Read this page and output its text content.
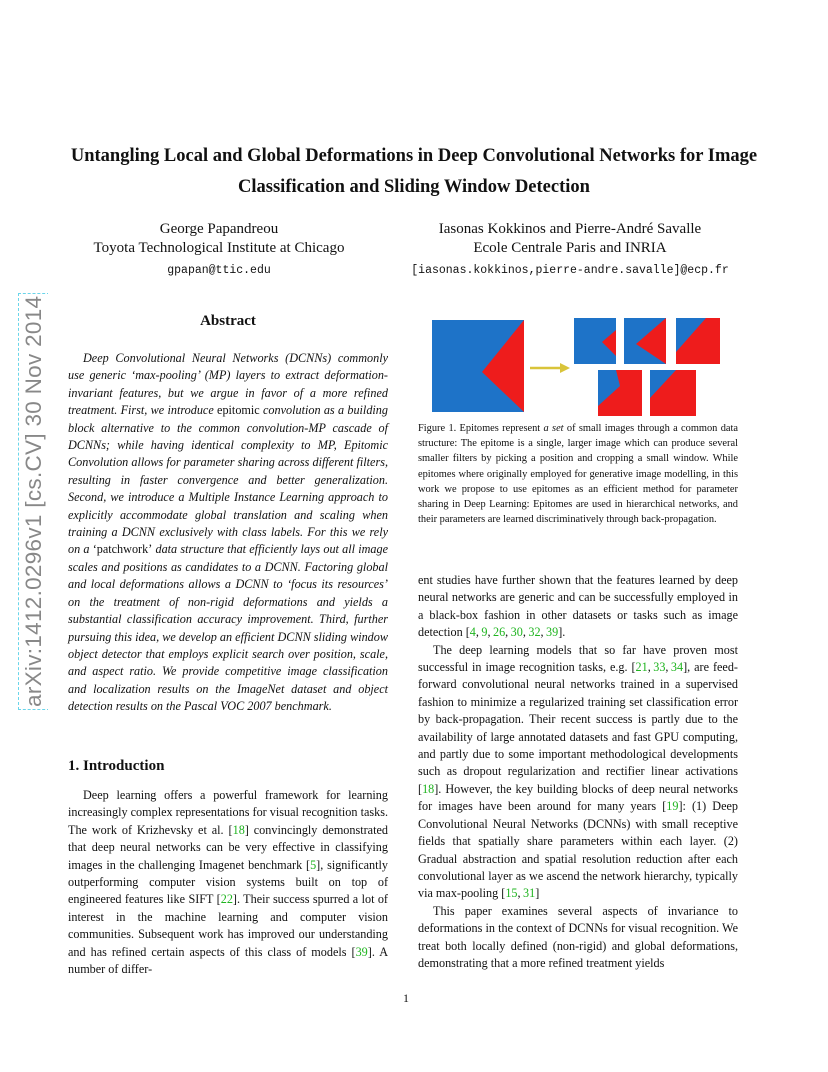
arXiv:1412.0296v1 [cs.CV] 30 Nov 2014
Untangling Local and Global Deformations in Deep Convolutional Networks for Image Classification and Sliding Window Detection
George Papandreou
Toyota Technological Institute at Chicago
gpapan@ttic.edu
Iasonas Kokkinos and Pierre-André Savalle
Ecole Centrale Paris and INRIA
[iasonas.kokkinos,pierre-andre.savalle]@ecp.fr
Abstract

Deep Convolutional Neural Networks (DCNNs) commonly use generic ‘max-pooling’ (MP) layers to extract deformation-invariant features, but we argue in favor of a more refined treatment. First, we introduce epitomic convolution as a building block alternative to the common convolution-MP cascade of DCNNs; while having identical complexity to MP, Epitomic Convolution allows for parameter sharing across different filters, resulting in faster convergence and better generalization. Second, we introduce a Multiple Instance Learning approach to explicitly accommodate global translation and scaling when training a DCNN exclusively with class labels. For this we rely on a ‘patchwork’ data structure that efficiently lays out all image scales and positions as candidates to a DCNN. Factoring global and local deformations allows a DCNN to ‘focus its resources’ on the treatment of non-rigid deformations and yields a substantial classification accuracy improvement. Third, further pursuing this idea, we develop an efficient DCNN sliding window object detector that employs explicit search over position, scale, and aspect ratio. We provide competitive image classification and localization results on the ImageNet dataset and object detection results on the Pascal VOC 2007 benchmark.

1. Introduction

Deep learning offers a powerful framework for learning increasingly complex representations for visual recognition tasks. The work of Krizhevsky et al. [18] convincingly demonstrated that deep neural networks can be very effective in classifying images in the challenging Imagenet benchmark [5], significantly outperforming computer vision systems built on top of engineered features like SIFT [22]. Their success spurred a lot of interest in the machine learning and computer vision communities. Subsequent work has improved our understanding and has refined certain aspects of this class of models [39]. A number of differ-

Figure 1. Epitomes represent a set of small images through a common data structure: The epitome is a single, larger image which can produce several smaller filters by picking a position and cropping a small window. While epitomes where originally employed for generative image modelling, in this work we propose to use epitomes as an efficient method for parameter sharing in Deep Learning: Epitomes are used in hierarchical networks, and their parameters are learned discriminatively through back-propagation.

ent studies have further shown that the features learned by deep neural networks are generic and can be successfully employed in a black-box fashion in other datasets or tasks such as image detection [4, 9, 26, 30, 32, 39].

The deep learning models that so far have proven most successful in image recognition tasks, e.g. [21, 33, 34], are feed-forward convolutional neural networks trained in a supervised fashion to minimize a regularized training set classification error by back-propagation. Their recent success is partly due to the availability of large annotated datasets and fast GPU computing, and partly due to some important methodological developments such as dropout regularization and rectifier linear activations [18]. However, the key building blocks of deep neural networks for images have been around for many years [19]: (1) Deep Convolutional Neural Networks (DCNNs) with small receptive fields that spatially share parameters within each layer. (2) Gradual abstraction and spatial resolution reduction after each convolutional layer as we ascend the network hierarchy, typically via max-pooling [15, 31]

This paper examines several aspects of invariance to deformations in the context of DCNNs for visual recognition. We treat both locally defined (non-rigid) and global deformations, demonstrating that a more refined treatment yields

1
